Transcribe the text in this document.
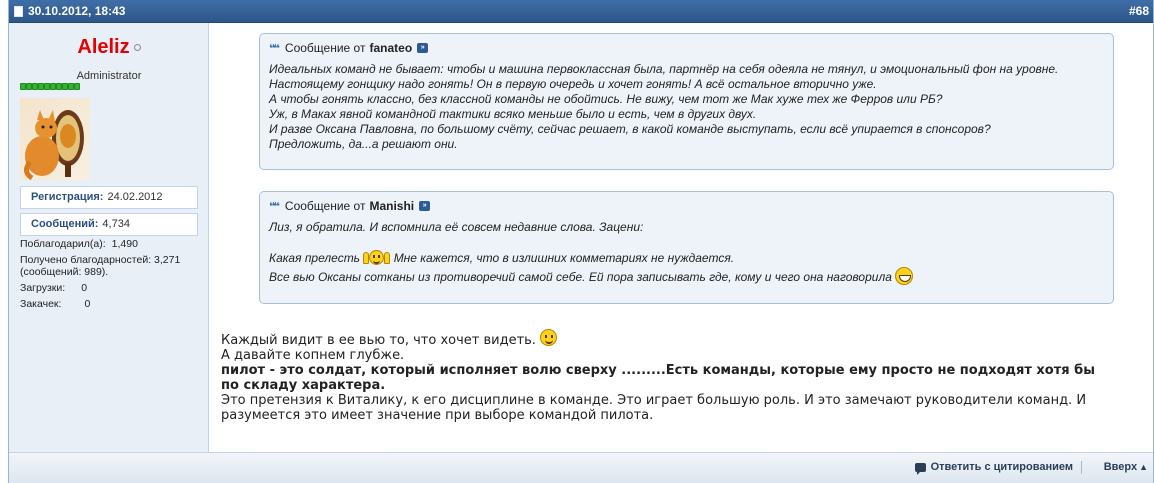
30.10.2012, 18:43	#68
Aleliz
Administrator
Регистрация: 24.02.2012
Сообщений: 4,734
Поблагодарил(а): 1,490
Получено благодарностей: 3,271
(сообщений: 989).
Загрузки: 0
Закачек: 0
❝❝ Сообщение от fanateo	»
Идеальных команд не бывает: чтобы и машина первоклассная была, партнёр на себя одеяла не тянул, и эмоциональный фон на уровне.
Настоящему гонщику надо гонять! Он в первую очередь и хочет гонять! А всё остальное вторично уже.
А чтобы гонять классно, без классной команды не обойтись. Не вижу, чем тот же Мак хуже тех же Ферров или РБ?
Уж, в Маках явной командной тактики всяко меньше было и есть, чем в других двух.
И разве Оксана Павловна, по большому счёту, сейчас решает, в какой команде выступать, если всё упирается в спонсоров?
Предложить, да...а решают они.
❝❝ Сообщение от Manishi	»
Лиз, я обратила. И вспомнила её совсем недавние слова. Зацени:
Какая прелесть	Мне кажется, что в излишних комметариях не нуждается.
Все вью Оксаны сотканы из противоречий самой себе. Ей пора записывать где, кому и чего она наговорила
Каждый видит в ее вью то, что хочет видеть.
А давайте копнем глубже.
пилот - это солдат, который исполняет волю сверху .........Есть команды, которые ему просто не подходят хотя бы по складу характера.
Это претензия к Виталику, к его дисциплине в команде. Это играет большую роль. И это замечают руководители команд. И разумеется это имеет значение при выборе командой пилота.
Ответить с цитированием	Вверх ▲
